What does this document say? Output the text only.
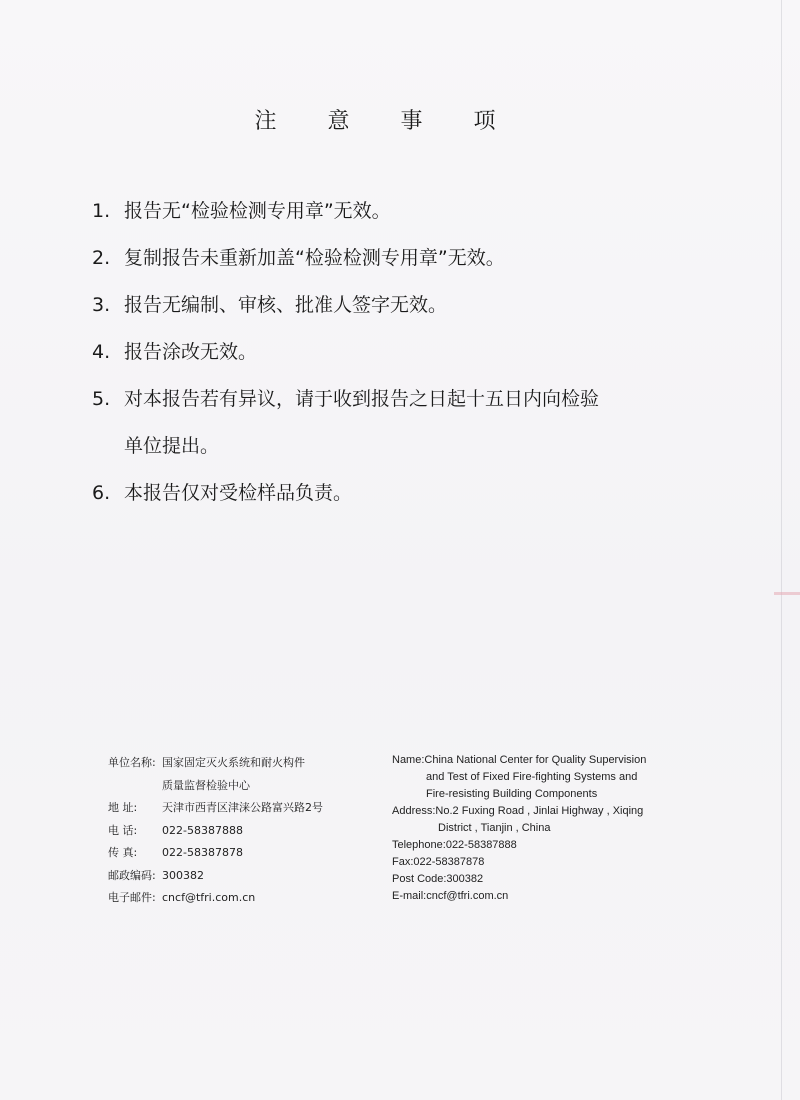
注 意 事 项
1. 报告无“检验检测专用章”无效。
2. 复制报告未重新加盖“检验检测专用章”无效。
3. 报告无编制、审核、批准人签字无效。
4. 报告涂改无效。
5. 对本报告若有异议，请于收到报告之日起十五日内向检验
单位提出。
6. 本报告仅对受检样品负责。
单位名称: 国家固定灭火系统和耐火构件
质量监督检验中心
地 址: 天津市西青区津涞公路富兴路2号
电 话: 022-58387888
传 真: 022-58387878
邮政编码: 300382
电子邮件: cncf@tfri.com.cn
Name:China National Center for Quality Supervision
and Test of Fixed Fire-fighting Systems and
Fire-resisting Building Components
Address:No.2 Fuxing Road , Jinlai Highway , Xiqing
District , Tianjin , China
Telephone:022-58387888
Fax:022-58387878
Post Code:300382
E-mail:cncf@tfri.com.cn
